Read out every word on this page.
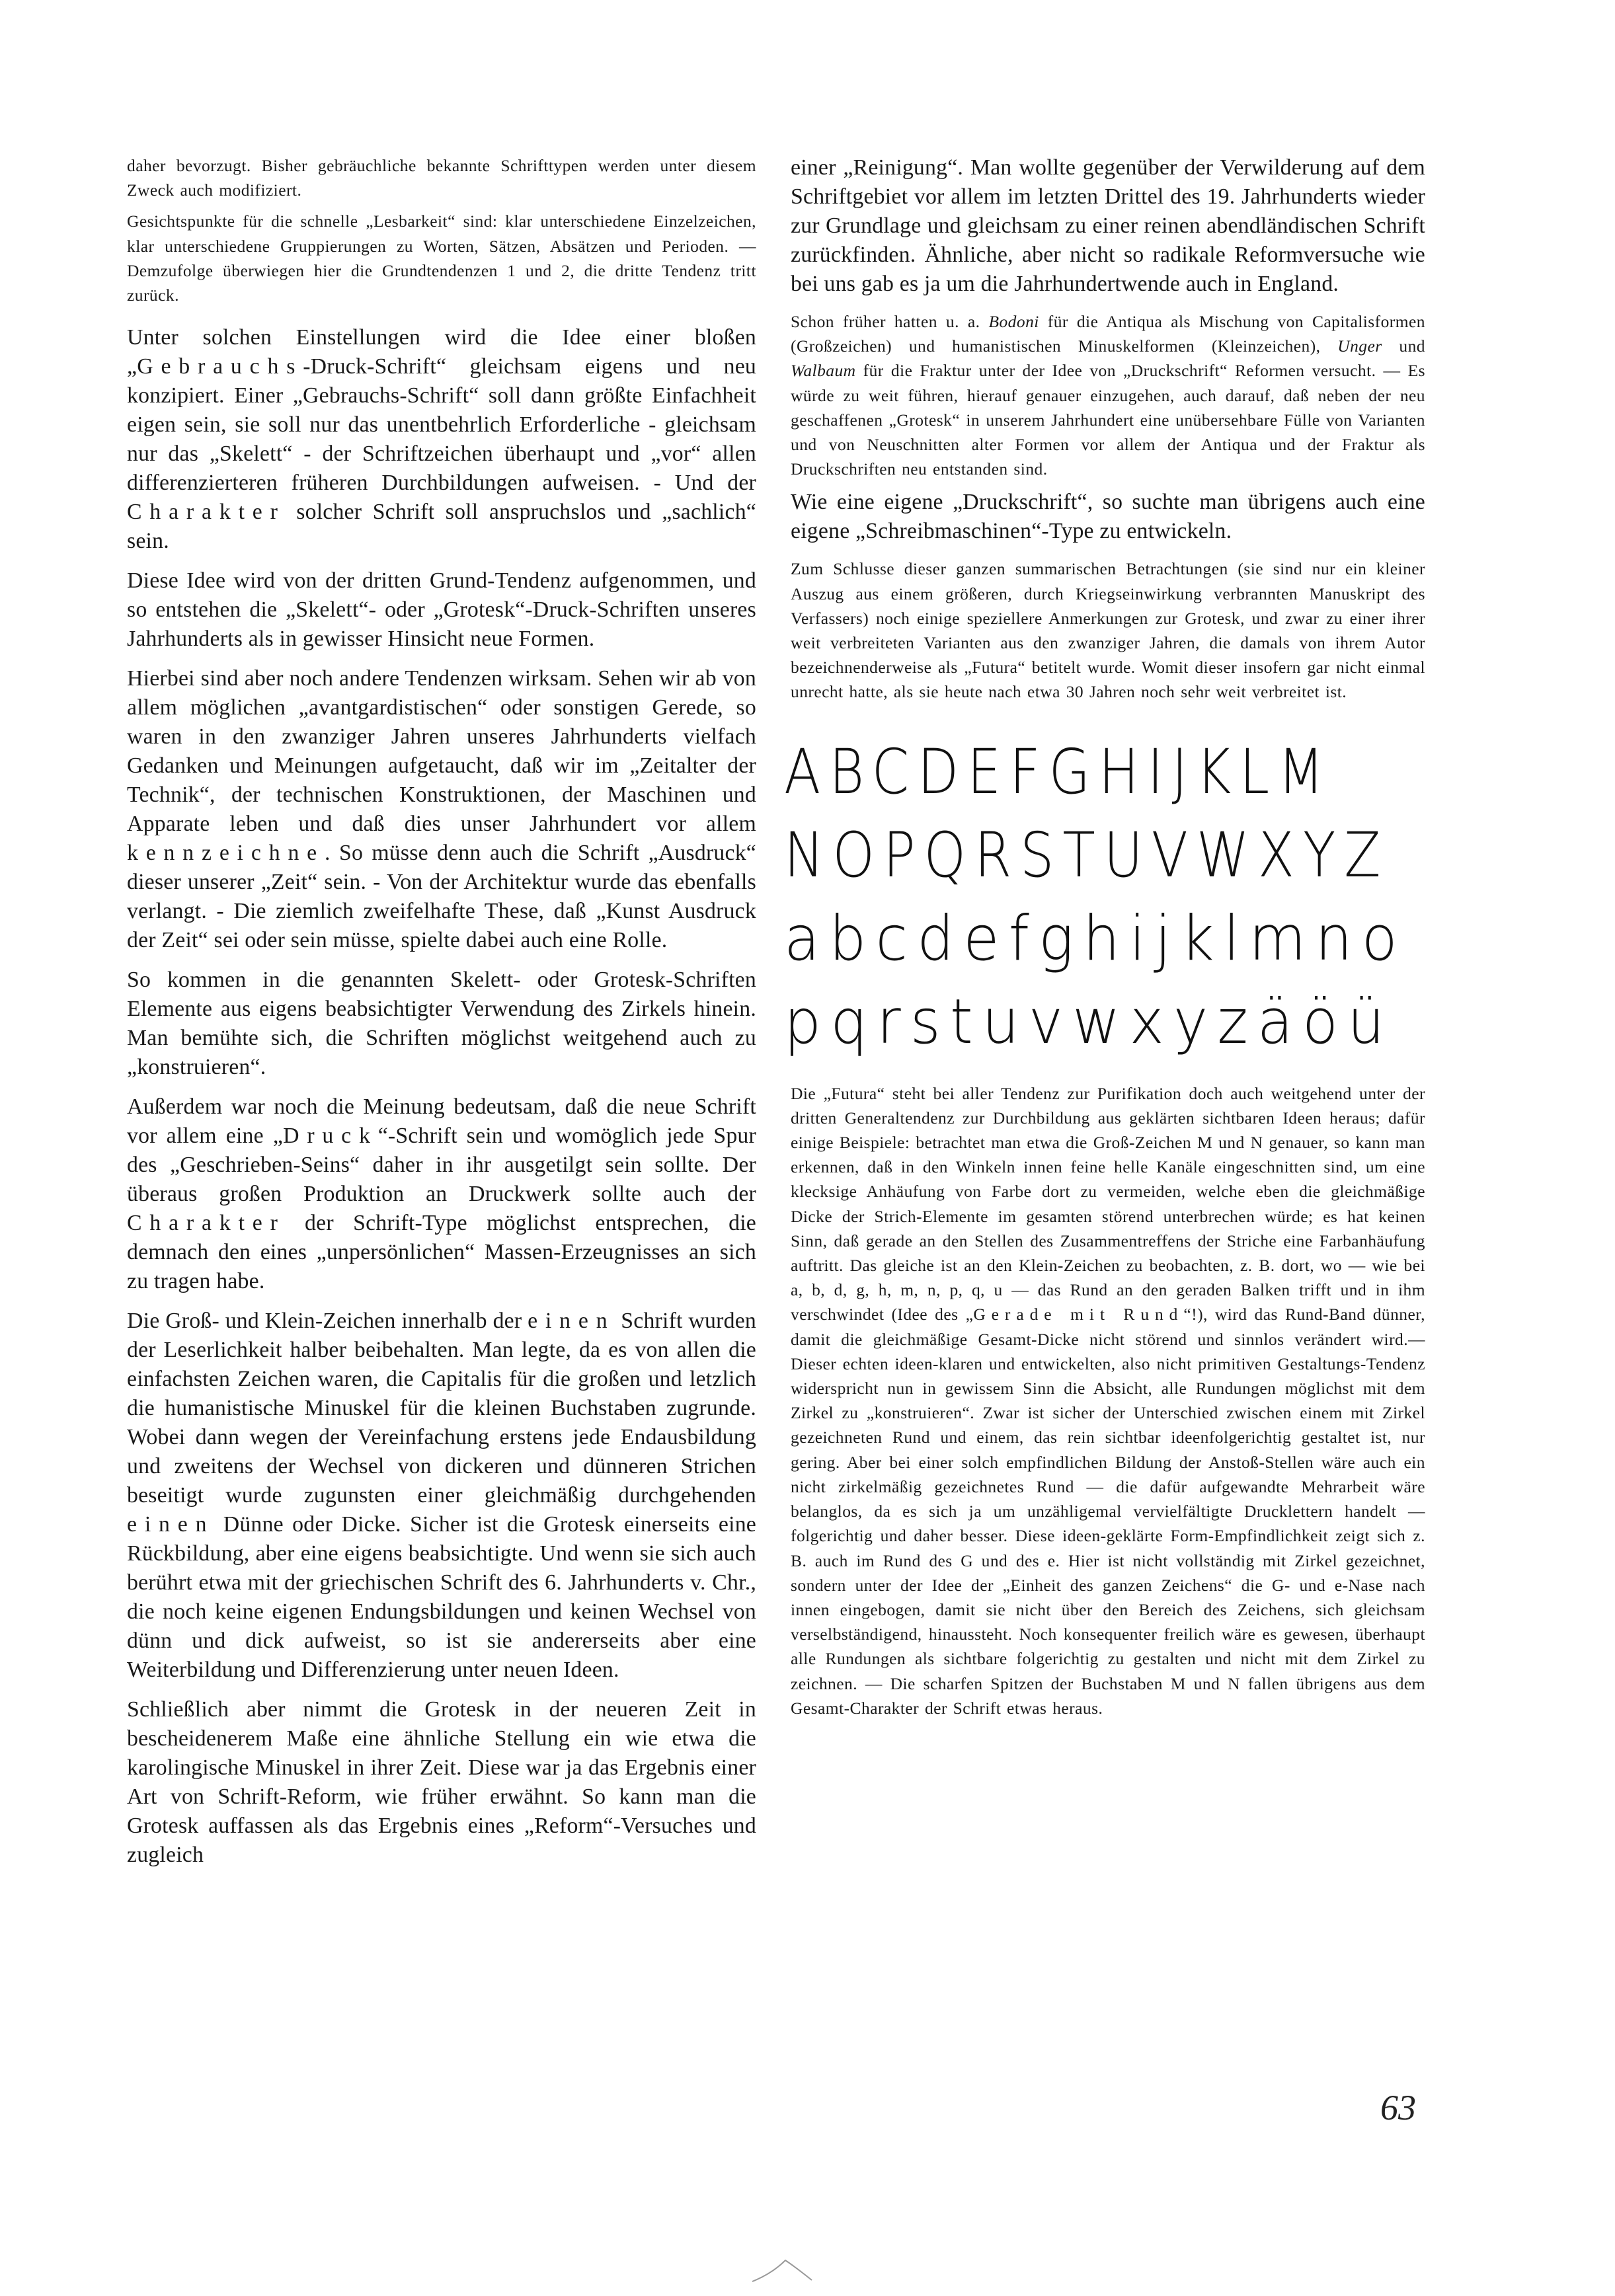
daher bevorzugt. Bisher gebräuchliche bekannte Schrifttypen werden unter diesem Zweck auch modifiziert.

Gesichtspunkte für die schnelle „Lesbarkeit“ sind: klar unterschiedene Einzelzeichen, klar unterschiedene Gruppierungen zu Worten, Sätzen, Absätzen und Perioden. — Demzufolge überwiegen hier die Grundtendenzen 1 und 2, die dritte Tendenz tritt zurück.

Unter solchen Einstellungen wird die Idee einer bloßen „Gebrauchs-Druck-Schrift“ gleichsam eigens und neu konzipiert. Einer „Gebrauchs-Schrift“ soll dann größte Einfachheit eigen sein, sie soll nur das unentbehrlich Erforderliche - gleichsam nur das „Skelett“ - der Schriftzeichen überhaupt und „vor“ allen differenzierteren früheren Durchbildungen aufweisen. - Und der Charakter solcher Schrift soll anspruchslos und „sachlich“ sein.

Diese Idee wird von der dritten Grund-Tendenz aufgenommen, und so entstehen die „Skelett“- oder „Grotesk“-Druck-Schriften unseres Jahrhunderts als in gewisser Hinsicht neue Formen.

Hierbei sind aber noch andere Tendenzen wirksam. Sehen wir ab von allem möglichen „avantgardistischen“ oder sonstigen Gerede, so waren in den zwanziger Jahren unseres Jahrhunderts vielfach Gedanken und Meinungen aufgetaucht, daß wir im „Zeitalter der Technik“, der technischen Konstruktionen, der Maschinen und Apparate leben und daß dies unser Jahrhundert vor allem kennzeichne. So müsse denn auch die Schrift „Ausdruck“ dieser unserer „Zeit“ sein. - Von der Architektur wurde das ebenfalls verlangt. - Die ziemlich zweifelhafte These, daß „Kunst Ausdruck der Zeit“ sei oder sein müsse, spielte dabei auch eine Rolle.

So kommen in die genannten Skelett- oder Grotesk-Schriften Elemente aus eigens beabsichtigter Verwendung des Zirkels hinein. Man bemühte sich, die Schriften möglichst weitgehend auch zu „konstruieren“.

Außerdem war noch die Meinung bedeutsam, daß die neue Schrift vor allem eine „Druck“-Schrift sein und womöglich jede Spur des „Geschrieben-Seins“ daher in ihr ausgetilgt sein sollte. Der überaus großen Produktion an Druckwerk sollte auch der Charakter der Schrift-Type möglichst entsprechen, die demnach den eines „unpersönlichen“ Massen-Erzeugnisses an sich zu tragen habe.

Die Groß- und Klein-Zeichen innerhalb der einen Schrift wurden der Leserlichkeit halber beibehalten. Man legte, da es von allen die einfachsten Zeichen waren, die Capitalis für die großen und letzlich die humanistische Minuskel für die kleinen Buchstaben zugrunde. Wobei dann wegen der Vereinfachung erstens jede Endausbildung und zweitens der Wechsel von dickeren und dünneren Strichen beseitigt wurde zugunsten einer gleichmäßig durchgehenden einen Dünne oder Dicke. Sicher ist die Grotesk einerseits eine Rückbildung, aber eine eigens beabsichtigte. Und wenn sie sich auch berührt etwa mit der griechischen Schrift des 6. Jahrhunderts v. Chr., die noch keine eigenen Endungsbildungen und keinen Wechsel von dünn und dick aufweist, so ist sie andererseits aber eine Weiterbildung und Differenzierung unter neuen Ideen.

Schließlich aber nimmt die Grotesk in der neueren Zeit in bescheidenerem Maße eine ähnliche Stellung ein wie etwa die karolingische Minuskel in ihrer Zeit. Diese war ja das Ergebnis einer Art von Schrift-Reform, wie früher erwähnt. So kann man die Grotesk auffassen als das Ergebnis eines „Reform“-Versuches und zugleich

einer „Reinigung“. Man wollte gegenüber der Verwilderung auf dem Schriftgebiet vor allem im letzten Drittel des 19. Jahrhunderts wieder zur Grundlage und gleichsam zu einer reinen abendländischen Schrift zurückfinden. Ähnliche, aber nicht so radikale Reformversuche wie bei uns gab es ja um die Jahrhundertwende auch in England.

Schon früher hatten u. a. Bodoni für die Antiqua als Mischung von Capitalisformen (Großzeichen) und humanistischen Minuskelformen (Kleinzeichen), Unger und Walbaum für die Fraktur unter der Idee von „Druckschrift“ Reformen versucht. — Es würde zu weit führen, hierauf genauer einzugehen, auch darauf, daß neben der neu geschaffenen „Grotesk“ in unserem Jahrhundert eine unübersehbare Fülle von Varianten und von Neuschnitten alter Formen vor allem der Antiqua und der Fraktur als Druckschriften neu entstanden sind.

Wie eine eigene „Druckschrift“, so suchte man übrigens auch eine eigene „Schreibmaschinen“-Type zu entwickeln.

Zum Schlusse dieser ganzen summarischen Betrachtungen (sie sind nur ein kleiner Auszug aus einem größeren, durch Kriegseinwirkung verbrannten Manuskript des Verfassers) noch einige speziellere Anmerkungen zur Grotesk, und zwar zu einer ihrer weit verbreiteten Varianten aus den zwanziger Jahren, die damals von ihrem Autor bezeichnenderweise als „Futura“ betitelt wurde. Womit dieser insofern gar nicht einmal unrecht hatte, als sie heute nach etwa 30 Jahren noch sehr weit verbreitet ist.

ABCDEFGHIJKLM
NOPQRSTUVWXYZ
abcdefghijklmno
pqrstuvwxyzäöü

Die „Futura“ steht bei aller Tendenz zur Purifikation doch auch weitgehend unter der dritten Generaltendenz zur Durchbildung aus geklärten sichtbaren Ideen heraus; dafür einige Beispiele: betrachtet man etwa die Groß-Zeichen M und N genauer, so kann man erkennen, daß in den Winkeln innen feine helle Kanäle eingeschnitten sind, um eine klecksige Anhäufung von Farbe dort zu vermeiden, welche eben die gleichmäßige Dicke der Strich-Elemente im gesamten störend unterbrechen würde; es hat keinen Sinn, daß gerade an den Stellen des Zusammentreffens der Striche eine Farbanhäufung auftritt. Das gleiche ist an den Klein-Zeichen zu beobachten, z. B. dort, wo — wie bei a, b, d, g, h, m, n, p, q, u — das Rund an den geraden Balken trifft und in ihm verschwindet (Idee des „Gerade mit Rund“!), wird das Rund-Band dünner, damit die gleichmäßige Gesamt-Dicke nicht störend und sinnlos verändert wird.—Dieser echten ideen-klaren und entwickelten, also nicht primitiven Gestaltungs-Tendenz widerspricht nun in gewissem Sinn die Absicht, alle Rundungen möglichst mit dem Zirkel zu „konstruieren“. Zwar ist sicher der Unterschied zwischen einem mit Zirkel gezeichneten Rund und einem, das rein sichtbar ideenfolgerichtig gestaltet ist, nur gering. Aber bei einer solch empfindlichen Bildung der Anstoß-Stellen wäre auch ein nicht zirkelmäßig gezeichnetes Rund — die dafür aufgewandte Mehrarbeit wäre belanglos, da es sich ja um unzähligemal vervielfältigte Drucklettern handelt — folgerichtig und daher besser. Diese ideen-geklärte Form-Empfindlichkeit zeigt sich z. B. auch im Rund des G und des e. Hier ist nicht vollständig mit Zirkel gezeichnet, sondern unter der Idee der „Einheit des ganzen Zeichens“ die G- und e-Nase nach innen eingebogen, damit sie nicht über den Bereich des Zeichens, sich gleichsam verselbständigend, hinaussteht. Noch konsequenter freilich wäre es gewesen, überhaupt alle Rundungen als sichtbare folgerichtig zu gestalten und nicht mit dem Zirkel zu zeichnen. — Die scharfen Spitzen der Buchstaben M und N fallen übrigens aus dem Gesamt-Charakter der Schrift etwas heraus.

63
